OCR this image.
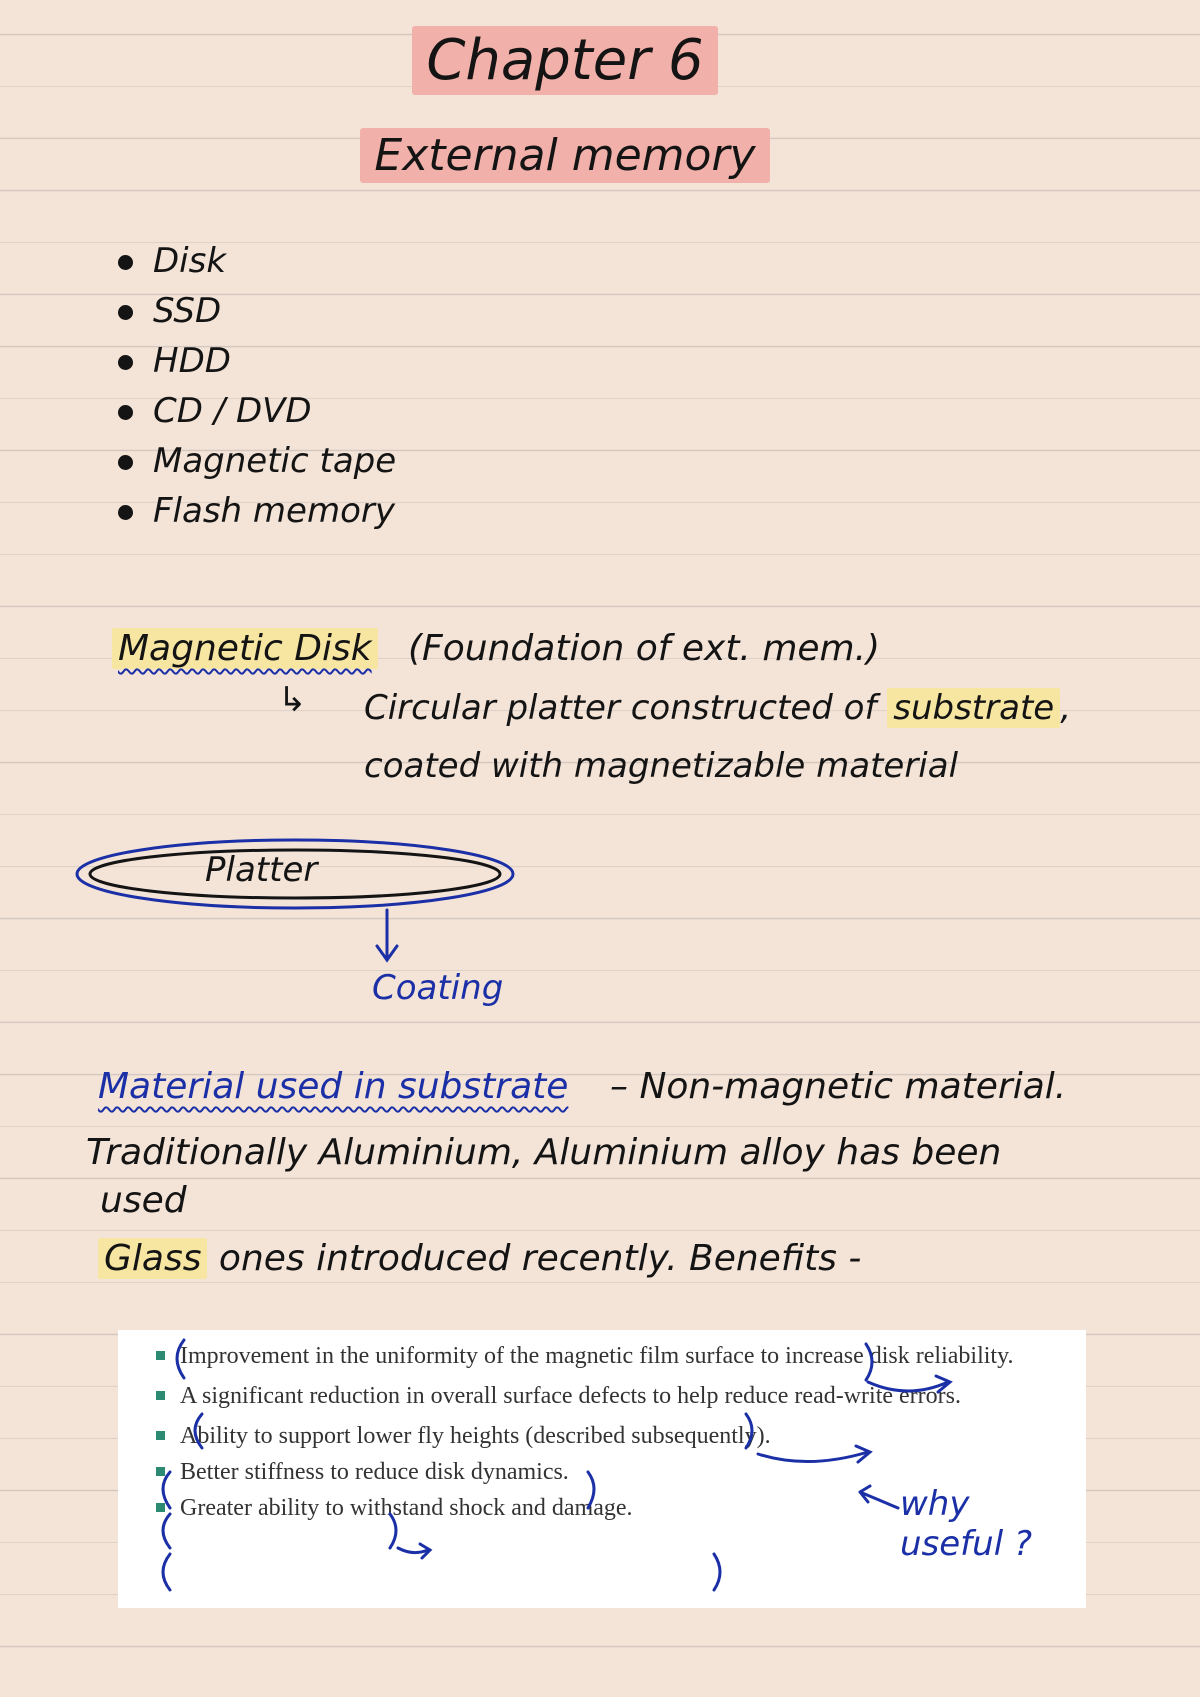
Chapter 6
External memory
Disk
SSD
HDD
CD / DVD
Magnetic tape
Flash memory
Magnetic Disk (Foundation of ext. mem.)
↳ Circular platter constructed of substrate ,
coated with magnetizable material
Platter
Coating
Material used in substrate – Non-magnetic material.
Traditionally Aluminium, Aluminium alloy has been
used
Glass ones introduced recently. Benefits -
Improvement in the uniformity of the magnetic film surface to increase disk reliability.
A significant reduction in overall surface defects to help reduce read-write errors.
Ability to support lower fly heights (described subsequently).
Better stiffness to reduce disk dynamics.
Greater ability to withstand shock and damage.	why useful ?
